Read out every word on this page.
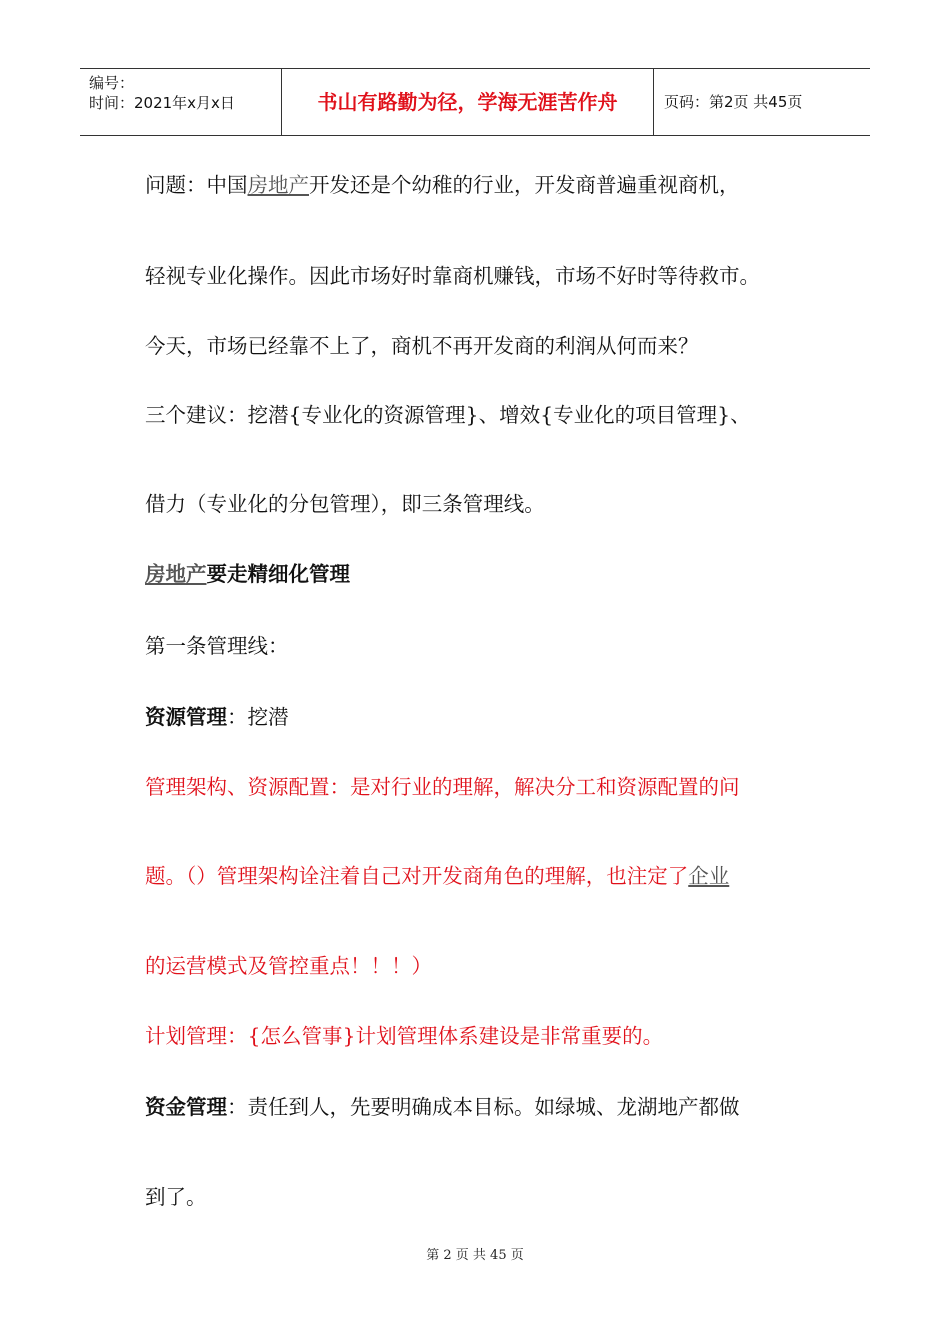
编号：
时间：2021年x月x日	书山有路勤为径，学海无涯苦作舟	页码：第2页 共45页
问题：中国房地产开发还是个幼稚的行业，开发商普遍重视商机，
轻视专业化操作。因此市场好时靠商机赚钱，市场不好时等待救市。
今天，市场已经靠不上了，商机不再开发商的利润从何而来？
三个建议：挖潜{专业化的资源管理}、增效{专业化的项目管理}、
借力（专业化的分包管理），即三条管理线。
房地产要走精细化管理
第一条管理线：
资源管理：挖潜
管理架构、资源配置：是对行业的理解，解决分工和资源配置的问
题。（）管理架构诠注着自己对开发商角色的理解，也注定了企业
的运营模式及管控重点！！！）
计划管理：{怎么管事}计划管理体系建设是非常重要的。
资金管理：责任到人，先要明确成本目标。如绿城、龙湖地产都做
到了。
第 2 页 共 45 页
